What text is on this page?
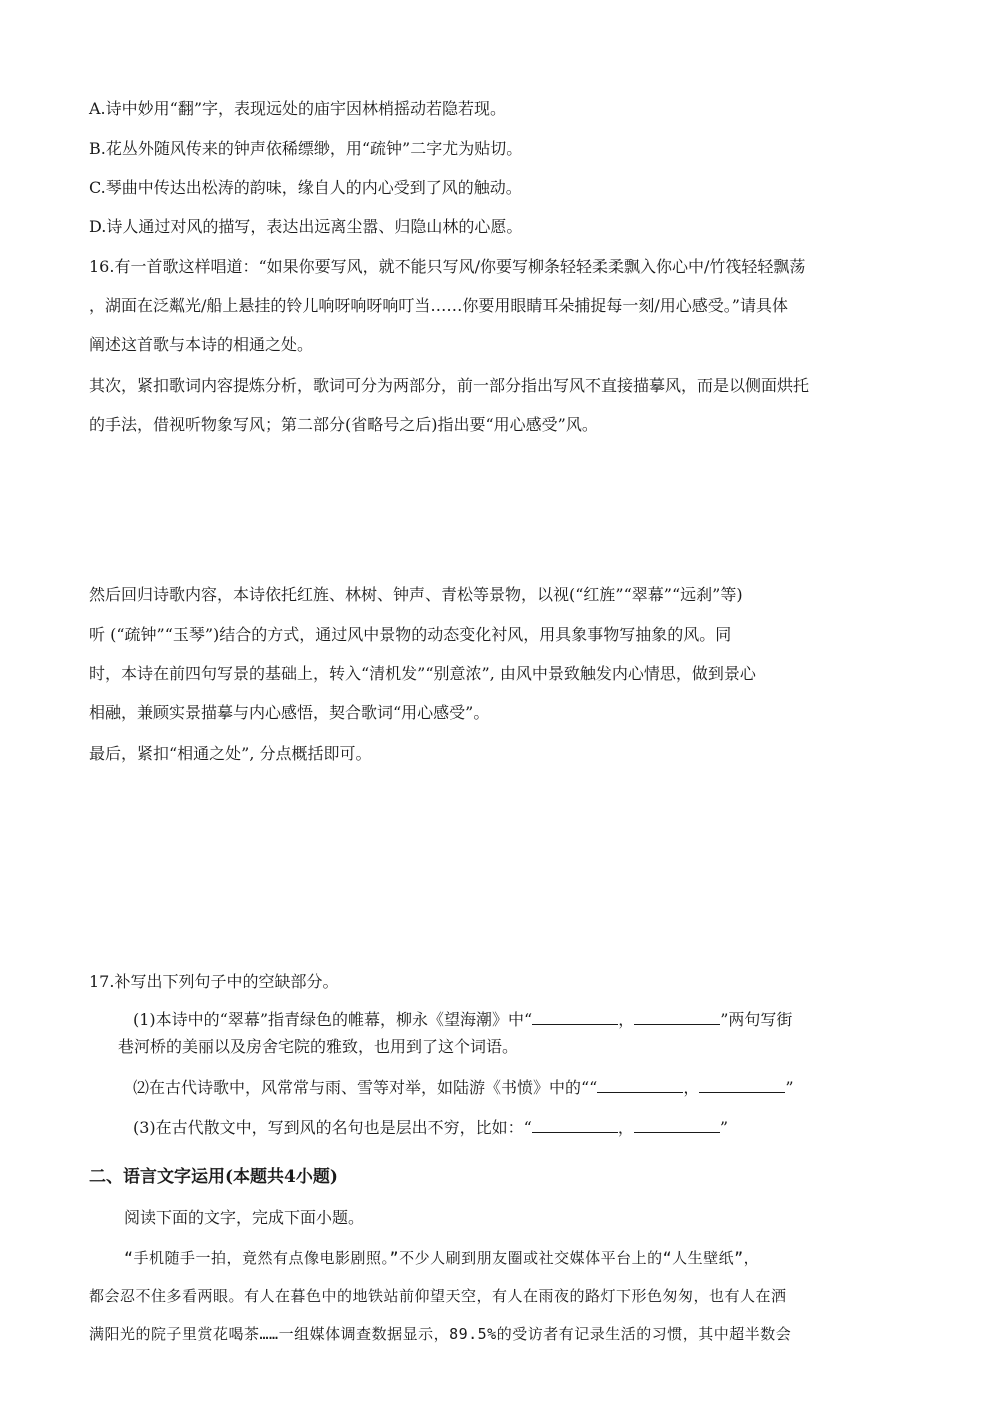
A.诗中妙用“翻”字，表现远处的庙宇因林梢摇动若隐若现。
B.花丛外随风传来的钟声依稀缥缈，用“疏钟”二字尤为贴切。
C.琴曲中传达出松涛的韵味，缘自人的内心受到了风的触动。
D.诗人通过对风的描写，表达出远离尘嚣、归隐山林的心愿。
16.有一首歌这样唱道：“如果你要写风，就不能只写风/你要写柳条轻轻柔柔飘入你心中/竹筏轻轻飘荡
，湖面在泛粼光/船上悬挂的铃儿响呀响呀响叮当……你要用眼睛耳朵捕捉每一刻/用心感受。”请具体
阐述这首歌与本诗的相通之处。
其次，紧扣歌词内容提炼分析，歌词可分为两部分，前一部分指出写风不直接描摹风，而是以侧面烘托
的手法，借视听物象写风；第二部分(省略号之后)指出要“用心感受”风。
然后回归诗歌内容，本诗依托红旌、林树、钟声、青松等景物，以视(“红旌”“翠幕”“远刹”等)
听 (“疏钟”“玉琴”)结合的方式，通过风中景物的动态变化衬风，用具象事物写抽象的风。同
时，本诗在前四句写景的基础上，转入“清机发”“别意浓”, 由风中景致触发内心情思，做到景心
相融，兼顾实景描摹与内心感悟，契合歌词“用心感受”。
最后，紧扣“相通之处”, 分点概括即可。
17.补写出下列句子中的空缺部分。
(1)本诗中的“翠幕”指青绿色的帷幕，柳永《望海潮》中“	，	”两句写街
巷河桥的美丽以及房舍宅院的雅致，也用到了这个词语。
⑵在古代诗歌中，风常常与雨、雪等对举，如陆游《书愤》中的““	，	”
(3)在古代散文中，写到风的名句也是层出不穷，比如：“	，	”
二、语言文字运用(本题共4小题)
阅读下面的文字，完成下面小题。
“手机随手一拍，竟然有点像电影剧照。”不少人刷到朋友圈或社交媒体平台上的“人生壁纸”，
都会忍不住多看两眼。有人在暮色中的地铁站前仰望天空，有人在雨夜的路灯下形色匆匆，也有人在洒
满阳光的院子里赏花喝茶……一组媒体调查数据显示，89.5%的受访者有记录生活的习惯，其中超半数会
